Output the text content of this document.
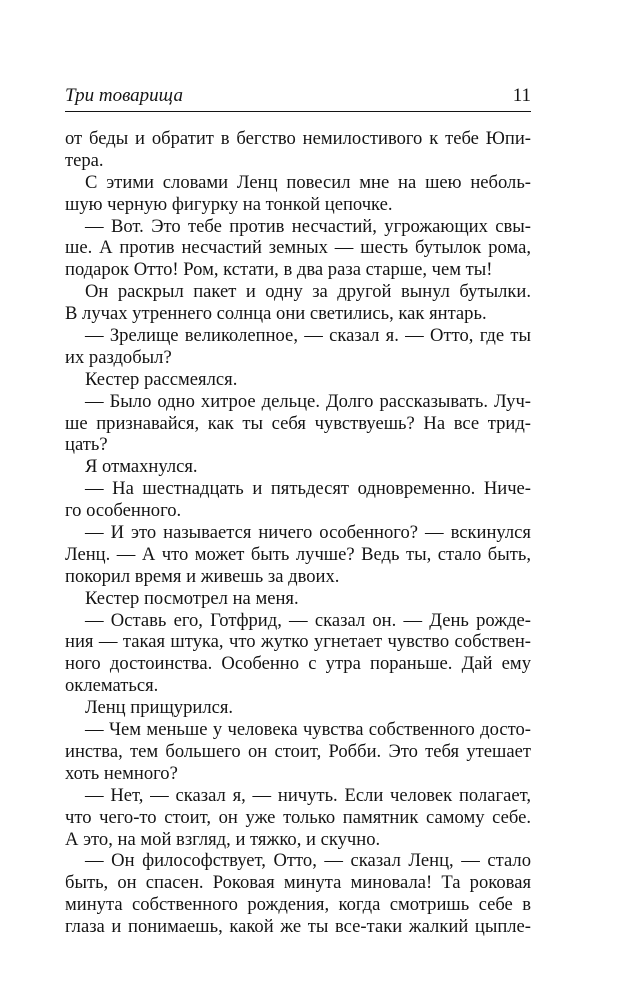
Три товарища	11
от беды и обратит в бегство немилостивого к тебе Юпи-
тера.
С этими словами Ленц повесил мне на шею неболь-
шую черную фигурку на тонкой цепочке.
— Вот. Это тебе против несчастий, угрожающих свы-
ше. А против несчастий земных — шесть бутылок рома,
подарок Отто! Ром, кстати, в два раза старше, чем ты!
Он раскрыл пакет и одну за другой вынул бутылки.
В лучах утреннего солнца они светились, как янтарь.
— Зрелище великолепное, — сказал я. — Отто, где ты
их раздобыл?
Кестер рассмеялся.
— Было одно хитрое дельце. Долго рассказывать. Луч-
ше признавайся, как ты себя чувствуешь? На все трид-
цать?
Я отмахнулся.
— На шестнадцать и пятьдесят одновременно. Ниче-
го особенного.
— И это называется ничего особенного? — вскинулся
Ленц. — А что может быть лучше? Ведь ты, стало быть,
покорил время и живешь за двоих.
Кестер посмотрел на меня.
— Оставь его, Готфрид, — сказал он. — День рожде-
ния — такая штука, что жутко угнетает чувство собствен-
ного достоинства. Особенно с утра пораньше. Дай ему
оклематься.
Ленц прищурился.
— Чем меньше у человека чувства собственного досто-
инства, тем большего он стоит, Робби. Это тебя утешает
хоть немного?
— Нет, — сказал я, — ничуть. Если человек полагает,
что чего-то стоит, он уже только памятник самому себе.
А это, на мой взгляд, и тяжко, и скучно.
— Он философствует, Отто, — сказал Ленц, — стало
быть, он спасен. Роковая минута миновала! Та роковая
минута собственного рождения, когда смотришь себе в
глаза и понимаешь, какой же ты все-таки жалкий цыпле-
